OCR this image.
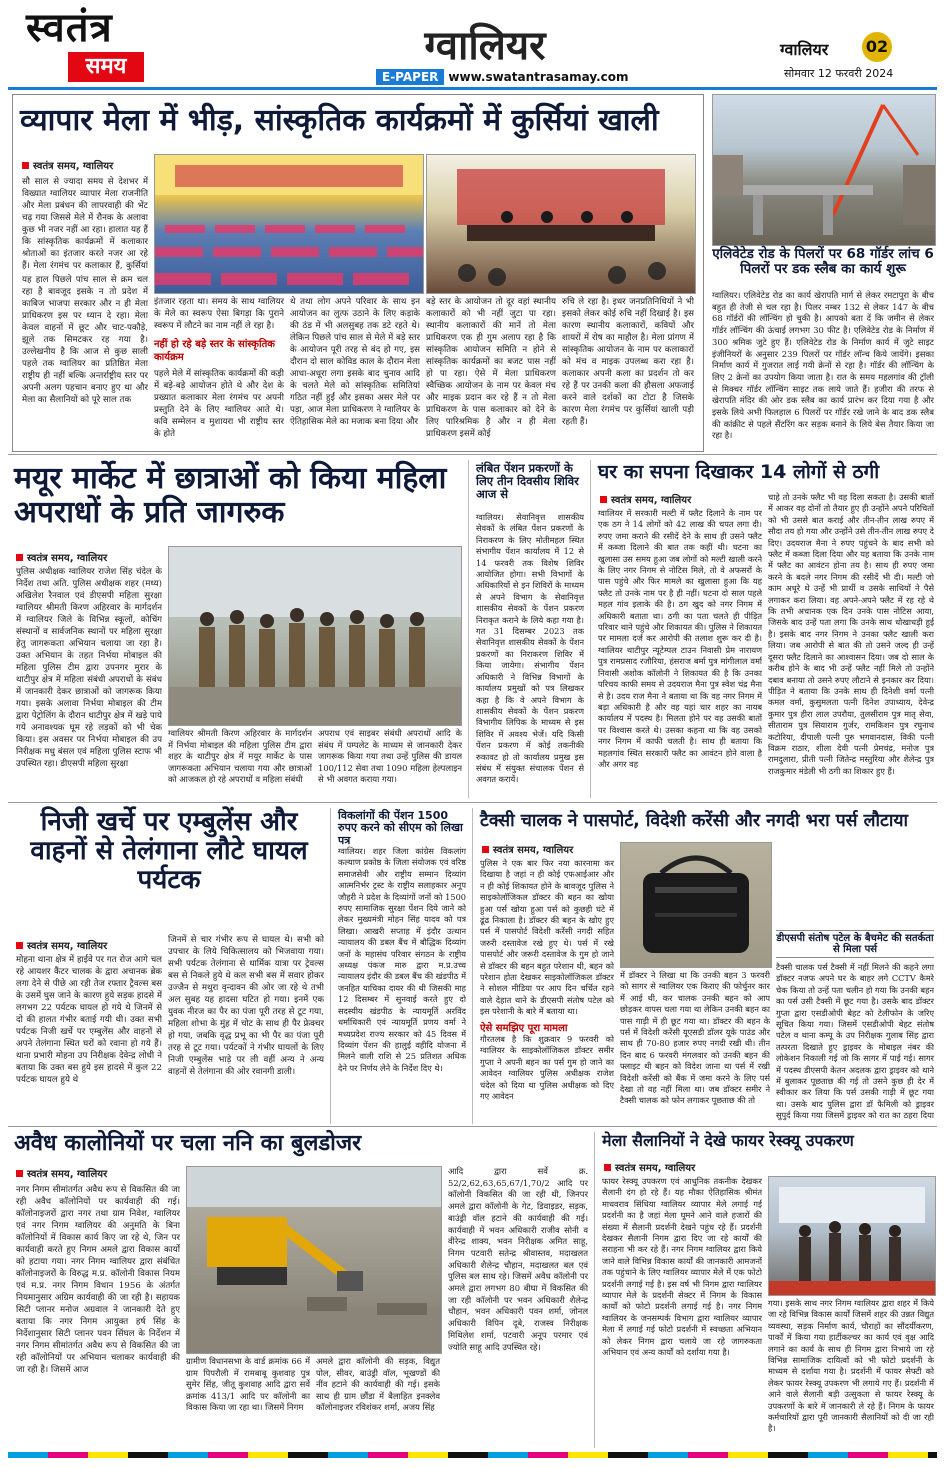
स्वतंत्र
समय	ग्वालियर
E-PAPER www.swatantrasamay.com
ग्वालियर 02
सोमवार 12 फरवरी 2024
व्यापार मेला में भीड़, सांस्कृतिक कार्यक्रमों में कुर्सियां खाली
स्वतंत्र समय, ग्वालियर
सौ साल से ज्यादा समय से देशभर में विख्यात ग्वालियर व्यापार मेला राजनीति और मेला प्रबंधन की लापरवाही की भेंट चढ़ गया जिससे मेले में रौनक के अलावा कुछ भी नजर नहीं आ रहा। हालात यह हैं कि सांस्कृतिक कार्यक्रमों में कलाकार श्रोताओं का इंतजार करते नजर आ रहे हैं। मेला रंगमंच पर कलाकार हैं, कुर्सियां
यह हाल पिछले पांच साल से क्रम चल रहा है बावजूद इसके न तो प्रदेश में काबिज भाजपा सरकार और न ही मेला प्राधिकरण इस पर ध्यान दे रहा। मेला केवल वाहनों में छूट और चाट-पकौड़े, झूले तक सिमटकर रह गया है। उल्लेखनीय है कि आज से कुछ साली पहले तक ग्वालियर का प्रतिष्ठित मेला राष्ट्रीय ही नहीं बल्कि अन्तर्राष्ट्रीय स्तर पर अपनी अलग पहचान बनाए हुए था और मेला का सैलानियों को पूरे साल तक
इंतजार रहता था। समय के साथ ग्वालियर के मेले का स्वरूप ऐसा बिगड़ा कि पुराने स्वरूप में लौटने का नाम नहीं ले रहा है।
नहीं हो रहे बड़े स्तर के सांस्कृतिक कार्यक्रम
पहले मेले में सांस्कृतिक कार्यक्रमों की कड़ी में बड़े-बड़े आयोजन होते थे और देश के प्रख्यात कलाकार मेला रंगमंच पर अपनी प्रस्तुति देने के लिए ग्वालियर आते थे। कवि सम्मेलन व मुशायरा भी राष्ट्रीय स्तर के होते
थे तथा लोग अपने परिवार के साथ इन आयोजन का लुत्फ उठाने के लिए कड़ाके की ठंड में भी अलसुबह तक डटे रहते थे। लेकिन पिछले पांच साल से मेले में बड़े स्तर के आयोजन पूरी तरह से बंद हो गए, इस दौरान दो साल कोविड काल के दौरान मेला आधा-अधूरा लगा इसके बाद चुनाव आदि के चलते मेले को सांस्कृतिक समितियां गठित नहीं हुईं और इसका असर मेले पर पड़ा, आज मेला प्राधिकरण ने ग्वालियर के ऐतिहासिक मेले का मजाक बना दिया और
बड़े स्तर के आयोजन तो दूर वहां स्थानीय कलाकारों को भी नहीं जुटा पा रहा। स्थानीय कलाकारों की मानें तो मेला प्राधिकरण एक ही गुम अलाप रहा है कि सांस्कृतिक आयोजन समिति न होने से सांस्कृतिक कार्यक्रमों का बजट पास नहीं हो पा रहा। ऐसे में मेला प्राधिकरण स्वैच्छिक आयोजन के नाम पर केवल मंच और माइक प्रदान कर रहे हैं न तो मेला प्राधिकरण के पास कलाकार को देने के लिए पारिश्रमिक है और न ही मेला प्राधिकरण इसमें कोई
रुचि ले रहा है। इधर जनप्रतिनिधियों ने भी इसको लेकर कोई रुचि नहीं दिखाई है। इस कारण स्थानीय कलाकारों, कवियों और शायरों में रोष का माहौल है। मेला प्रांगण में सांस्कृतिक आयोजन के नाम पर कलाकारों को मंच व माइक उपलब्ध करा रहा है। कलाकार अपनी कला का प्रदर्शन तो कर रहे हैं पर उनकी कला की हौसला अफजाई करने वाले दर्शकों का टोटा है जिसके कारण मेला रंगमंच पर कुर्सियां खाली पड़ी रहती हैं।
एलिवेटेड रोड के पिलरों पर 68 गॉर्डर लांच 6 पिलरों पर डक स्लैब का कार्य शुरू
ग्वालियर। एलिवेटेड रोड का कार्य खेरापति मार्ग से लेकर रमटापुरा के बीच बहुत ही तेजी से चल रहा है। पिलर नम्बर 132 से लेकर 147 के बीच 68 गॉर्डरों की लॉन्चिंग हो चुकी है। आपको बता दें कि जमीन से लेकर गॉर्डर लॉन्चिंग की ऊंचाई लगभग 30 फीट है। एलिवेटेड रोड के निर्माण में 300 श्रमिक जुटे हुए हैं। एलिवेटेड रोड के निर्माण कार्य में जुटे साइट इंजीनियरों के अनुसार 239 पिलरों पर गॉर्डर लॉन्च किये जायेंगे। इसका निर्माण कार्य में गुजरात लाई गयी क्रेनों से रहा है। गॉर्डर की लॉन्चिंग के लिए 2 क्रेनों का उपयोग किया जाता है। रात के समय महलगांव की ट्रॉली से मिक्चर गॉर्डर लॉन्चिंग साइट तक लाये जाते हैं। हजीरा की तरफ से खेरापति मंदिर की ओर डक स्लैब का कार्य प्रारंभ कर दिया गया है और इसके लिये अभी फिलहाल 6 पिलरों पर गॉर्डर रखे जाने के बाद डक स्लैब की कांक्रीट से पहले सैंटरिंग कर सड़क बनाने के लिये बेस तैयार किया जा रहा है।
मयूर मार्केट में छात्राओं को किया महिला अपराधों के प्रति जागरुक
स्वतंत्र समय, ग्वालियर
पुलिस अधीक्षक ग्वालियर राजेश सिंह चंदेल के निर्देश तथा अति. पुलिस अधीक्षक शहर (मध्य) अखिलेश रैनवाल एवं डीएसपी महिला सुरक्षा ग्वालियर श्रीमती किरण अहिरवार के मार्गदर्शन में ग्वालियर जिले के विभिन्न स्कूलों, कोचिंग संस्थानों व सार्वजनिक स्थानों पर महिला सुरक्षा हेतु जागरूकता अभियान चलाया जा रहा है। उक्त अभियान के तहत निर्भया मोबाइल की महिला पुलिस टीम द्वारा उपनगर मुरार के थाटीपुर क्षेत्र में महिला संबंधी अपराधों के संबंध में जानकारी देकर छात्राओं को जागरूक किया गया। इसके अलावा निर्भया मोबाइल की टीम द्वारा पेट्रोलिंग के दौरान थाटीपुर क्षेत्र में खड़े पाये गये अनावश्यक घूम रहे लड़कों को भी चेक किया। इस अवसर पर निर्भया मोबाइल की उप निरीक्षक मधु बंसल एवं महिला पुलिस स्टाफ भी उपस्थित रहा। डीएसपी महिला सुरक्षा
ग्वालियर श्रीमती किरण अहिरवार के मार्गदर्शन में निर्भया मोबाइल की महिला पुलिस टीम द्वारा शहर के थाटीपुर क्षेत्र में मयूर मार्केट के पास जागरूकता अभियान चलाया गया और छात्राओं को आजकल हो रहे अपराधों व महिला संबंधी
अपराध एवं साइबर संबंधी अपराधों आदि के संबंध में पम्पलेट के माध्यम से जानकारी देकर जागरूक किया गया तथा उन्हें पुलिस की डायल 100/112 सेवा तथा 1090 महिला हेल्पलाइन से भी अवगत कराया गया।
लंबित पेंशन प्रकरणों के लिए तीन दिवसीय शिविर आज से
ग्वालियर। सेवानिवृत्त शासकीय सेवकों के लंबित पेंशन प्रकरणों के निराकरण के लिए मोतीमहल स्थित संभागीय पेंशन कार्यालय में 12 से 14 फरवरी तक विशेष शिविर आयोजित होगा। सभी विभागों के अधिकारियों से इन शिविरों के माध्यम से अपने विभाग के सेवानिवृत्त शासकीय सेवकों के पेंशन प्रकरण निराकृत कराने के लिये कहा गया है। गत 31 दिसम्बर 2023 तक सेवानिवृत्त शासकीय सेवकों के पेंशन प्रकरणों का निराकरण शिविर में किया जायेगा। संभागीय पेंशन अधिकारी ने विभिन्न विभागों के कार्यालय प्रमुखों को पत्र लिखकर कहा है कि वे अपने विभाग के शासकीय सेवकों के पेंशन प्रकरण विभागीय लिपिक के माध्यम से इस शिविर में अवश्य भेजें। यदि किसी पेंशन प्रकरण में कोई तकनीकी रुकावट हो तो कार्यालय प्रमुख इस संबंध में संयुक्त संचालक पेंशन से अवगत करायें।
घर का सपना दिखाकर 14 लोगों से ठगी
स्वतंत्र समय, ग्वालियर
ग्वालियर में सरकारी मल्टी में फ्लैट दिलाने के नाम पर एक ठग ने 14 लोगों को 42 लाख की चपत लगा दी। रुपए जमा कराने की रसीदें देने के साथ ही उसने फ्लैट में कब्जा दिलाने की बात तक कहीं थी। घटना का खुलासा उस समय हुआ जब लोगों को मल्टी खाली करने के लिए नगर निगम से नोटिस मिले, तो वे अफसरों के पास पहुंचे और फिर मामले का खुलासा हुआ कि यह फ्लैट तो उनके नाम पर है ही नहीं। घटना दो साल पहले महल गांव इलाके की है। ठग खुद को नगर निगम में अधिकारी बताता था। ठगी का पता चलते ही पीड़ित परिवार थाने पहुंचे और शिकायत की। पुलिस ने शिकायत पर मामला दर्ज कर आरोपी की तलाश शुरू कर दी है। ग्वालियर थाटीपुर न्यूटेम्पल टाउन निवासी प्रेम नारायण पुत्र रामप्रसाद रजौरिया, हंसराज बर्मा पुत्र मांगीलाल वर्मा निवासी अशोक कॉलोनी ने शिकायत की है कि उनका परिचय काफी समय से उदयराज मैना पुत्र स्वेश चंद्र मैना से है। उदय राज मैना ने बताया था कि वह नगर निगम में बड़ा अधिकारी है और वह यहां चार शहर का नायब कार्यालय में पदस्थ है। मिलता होने पर वह उसकी बातों पर विश्वास करते थे। उसका कहना था कि वह उसको नगर निगम में काफी चलती है। साथ ही बताया कि महलगांव स्थित सरकारी फ्लैट का आवंटन होने वाला है और अगर वह
चाहे तो उनके फ्लैट भी वह दिला सकता है। उसकी बातों में आकर वह दोनों तो तैयार हुए ही उन्होंने अपने परिचितों को भी उससे बात कराई और तीन-तीन लाख रुपए में सौदा तय हो गया और उन्होंने उसे तीन-तीन लाख रुपए दे दिए। उदयराज मैना ने रुपए पहुंचने के बाद सभी को फ्लैट में कब्जा दिला दिया और यह बताया कि उनके नाम में फ्लैट का आवंटन होना तय है। साथ ही रुपए जमा करने के बदले नगर निगम की रसीदें भी दी। मल्टी जो काम अधूरे थे उन्हें भी प्रार्थी व उसके साथियों ने पैसे लगाकर करा लिया। वह अपने-अपने फ्लैट में रह रहे थे कि तभी अचानक एक दिन उनके पास नोटिस आया, जिसके बाद उन्हें पता लगा कि उनके साथ धोखाधड़ी हुई है। इसके बाद नगर निगम ने उनका फ्लैट खाली करा लिया। जब आरोपी से बात की तो उसने जल्द ही उन्हें दूसरा फ्लैट दिलाने का आश्वासन दिया। जब दो साल के करीब होने के बाद भी उन्हें फ्लैट नहीं मिले तो उन्होंने दबाव बनाया तो उसने रुपए लौटाने से इनकार कर दिया। पीड़ित ने बताया कि उनके साथ ही दिनेशी वर्मा पत्नी कमल वर्मा, कुसुमलता पत्नी दिनेश उपाध्याय, देवेन्द्र कुमार पुत्र हीरा लाल उपरौया, तुलसीराम पुत्र मातृ सेवा, सीताराम पुत्र सियाराम गुर्जर, रामकिशन पुत्र रघुनाथ कटोरिया, दीपाली पत्नी पुरु भगवानदास, विकी पत्नी विक्रम राठार, शीला देवी पत्नी प्रेमचंद्र, मनोज पुत्र रामदुलारा, प्रीती पत्नी जितेन्द्र मस्तुरिया और शैलेन्द्र पुत्र राजकुमार मंडेली भी ठगी का शिकार हुए हैं।
निजी खर्चे पर एम्बुलेंस और वाहनों से तेलंगाना लौटे घायल पर्यटक
स्वतंत्र समय, ग्वालियर
मोहना थाना क्षेत्र में हाईवे पर गत रोज आगे चल रहे आयशर कैंटर चालक के द्वारा अचानक ब्रेक लगा देने से पीछे आ रही तेज रफ्तार ट्रैवल्स बस के उसमें घुस जाने के कारण हुये सड़क हादसे में लगभग 22 पर्यटक घायल हो गये थे जिनमें से दो की हालत गंभीर बताई गयी थी। उक्त सभी पर्यटक निजी खर्चे पर एम्बुलेंस और वाहनों से अपने तेलंगाना स्थित घरों को रवाना हो गये हैं। थाना प्रभारी मोहना उप निरीक्षक देवेन्द्र लोधी ने बताया कि उक्त बस हुये इस हादसे में कुल 22 पर्यटक घायल हुये थे
जिनमें से चार गंभीर रूप से घायल थे। सभी को उपचार के लिये चिकित्सालय को भिजवाया गया। सभी पर्यटक तेलंगाना से धार्मिक यात्रा पर ट्रेवल्स बस से निकले हुये थे कल सभी बस में सवार होकर उज्जैन से मथुरा वृन्दावन की ओर जा रहे थे तभी अल सुबह यह हादसा घटित हो गया। इनमें एक युवक नीरज का पैर का पंजा पूरी तरह से टूट गया, महिला शोभा के मुंह में चोट के साथ ही पैर फ्रेक्चर हो गया, जबकि वृद्ध प्रभू का भी पैर का पंजा पूरी तरह से टूट गया। पर्यटकों ने गंभीर घायलों के लिए निजी एम्बुलेंस भाड़े पर ली वहीं अन्य ने अन्य वाहनों से तेलंगाना की ओर रवानगी डाली।
विकलांगों की पेंशन 1500 रुपए करने को सीएम को लिखा पत्र
ग्वालियर। शहर जिला कांग्रेस विकलांग कल्याण प्रकोष्ठ के जिला संयोजक एवं वरिष्ठ समाजसेवी और राष्ट्रीय सम्मान दिव्यांग आत्मनिर्भर ट्रस्ट के राष्ट्रीय सलाहकार अनूप जौहरी ने प्रदेश के दिव्यांगों जनों को 1500 रुपए सामाजिक सुरक्षा पेंशन दिये जाने को लेकर मुख्यमंत्री मोहन सिंह यादव को पत्र लिखा। आखरी सप्ताह में इंदौर उत्थान न्यायालय की डबल बैंच में बौद्धिक दिव्यांग जनों के महासंघ परिवार संगठन के राष्ट्रीय अध्यक्ष पंकज मारु द्वारा म.प्र.उच्च न्यायालय इंदौर की डबल बैंच की खंडपीठ में जनहित याचिका दायर की थी जिसकी माह 12 दिसम्बर में सुनवाई करते हुए दो सदस्यीय खंडपीठ के न्यायमूर्ति अरविंद धर्माधिकारी एवं न्यायमूर्ति प्रणय वर्मा ने मध्यप्रदेश राज्य सरकार को 45 दिवस में दिव्यांग पेंशन की हालुई वहीदि योजना में मिलने वाली राशि से 25 प्रतिशत अधिक देने पर निर्णय लेने के निर्देश दिए थे।
टैक्सी चालक ने पासपोर्ट, विदेशी करेंसी और नगदी भरा पर्स लौटाया
स्वतंत्र समय, ग्वालियर
पुलिस ने एक बार फिर नया कारनामा कर दिखाया है जहां न ही कोई एफआईआर और न ही कोई शिकायत होने के बावजूद पुलिस ने साइकोलॉजिकल डॉक्टर की बहन का खोया हुआ पर्स खोया हुआ पर्स को कुछही घंटे में ढूंढ निकाला है। डॉक्टर की बहन के खोए हुए पर्स में पासपोर्ट विदेशी करेंसी नगदी सहित जरुरी दस्तावेज रखे हुए थे। पर्स में रखे पासपोर्ट और जरूरी दस्तावेज के गुम हो जाने से डॉक्टर की बहन बहुत परेशान थी, बहन को परेशान होता देखकर साइकोलॉजिकल डॉक्टर ने सोशल मीडिया पर आप दिन चर्चित रहने वाले देहात थाने के डीएसपी संतोष पटेल को इस परेशानी के बारे में बताया था।
ऐसे समझिए पूरा मामला
गौरतलब है कि शुक्रवार 9 फरवरी को ग्वालियर के साइकोलॉजिकल डॉक्टर समीर गुप्ता ने अपनी बहन का पर्स गुम हो जाने का आवेदन ग्वालियर पुलिस अधीक्षक राजेश चंदेल को दिया था पुलिस अधीक्षक को दिए गए आवेदन
में डॉक्टर ने लिखा था कि उनकी बहन 3 फरवरी को सागर से ग्वालियर एक किराए की फोर्चुनर कार में आई थी, कर चालक उनकी बहन को आप छोड़कर वापस चला गया था लेकिन उनकी बहन का पास गाड़ी में ही छूट गया था। डॉक्टर की बहन के पर्स में विदेशी करेंसी यूएसडी डॉलर यूके पाउंड और साथ ही 70-80 हजार रुपए नगदी रखी थी। तीन दिन बाद 6 फरवरी मंगलवार को उनकी बहन की फ्लाइट थी बहन को विदेश जाना था पर्स में रखी विदेशी करेंसी को बैंक में जमा करने के लिए पर्स देखा तो वह नहीं मिला था। जब डॉक्टर समीर ने टैक्सी चालक को फोन लगाकर पूछताछ की तो
डीएसपी संतोष पटेल के बैचमेट की सतर्कता से मिला पर्स
टैक्सी चालक पर्स टैक्सी में नहीं मिलने की कहने लगा डॉक्टर नजफ अपने घर के बाहर लगे CCTV कैमरे चेक किया तो उन्हें पता चलीन हो गया कि उनकी बहन का पर्स उसी टैक्सी में छूट गया है। उसके बाद डॉक्टर गुप्ता द्वारा एसडीओपी बेहट को टेलीफोन के जरिए सूचित किया गया। जिसमें एसडीओपी बेहट संतोष पटेल व थाना कम्पू के उप निरीक्षक गुलाब सिंह द्वारा तत्परता दिखाते हुए ड्राइवर के मोबाइल नंबर की लोकेशन निकाली गई जो कि सागर में पाई गई। सागर में पदस्थ डीएसपी केतन अदलक द्वारा ड्राइवर को थाने में बुलाकर पूछताछ की गई तो उसने कुछ ही देर में स्वीकार कर लिया कि पर्स उसकी गाड़ी में छूट गया था। उसके बाद पुलिस द्वारा डॉ फैमिली को ड्राइवर सुपुर्द किया गया जिसमें ड्राइवर को रात का ठहरा दिया
अवैध कालोनियों पर चला ननि का बुलडोजर
स्वतंत्र समय, ग्वालियर
नगर निगम सीमांतर्गत अवैध रूप से विकसित की जा रही अवैध कॉलोनियों पर कार्यवाही की गई। कॉलोनाइजरों द्वारा नगर तथा ग्राम निवेश, ग्वालियर एवं नगर निगम ग्वालियर की अनुमति के बिना कॉलोनियों में विकास कार्य किए जा रहे थे, जिन पर कार्यवाही करते हुए निगम अमले द्वारा विकास कार्यों को हटाया गया। नगर निगम ग्वालियर द्वारा संबंधित कॉलोनाइजरों के विरुद्ध म.प्र. कॉलोनी विकास नियम एवं म.प्र. नगर निगम विधान 1956 के अंतर्गत नियमानुसार अग्रिम कार्यवाही की जा रही है। सहायक सिटी प्लानर मनोज अग्रवाल ने जानकारी देते हुए बताया कि नगर निगम आयुक्त हर्ष सिंह के निर्देशानुसार सिटी प्लानर पवन सिंघल के निर्देशन में नगर निगम सीमांतर्गत अवैध रूप से विकसित की जा रही कॉलोनियों पर अभियान चलाकर कार्यवाही की जा रही है। जिसमें आज
ग्रामीण विधानसभा के वार्ड क्रमांक 66 में ग्राम पिपरौली में रामबाबू कुशवाह पुत्र सुमेर सिंह, जीतू कुशवाह आदि द्वारा सर्वे क्रमांक 413/1 आदि पर कॉलोनी का विकास किया जा रहा था। जिसमें निगम
अमले द्वारा कॉलोनी की सड़क, विद्युत पोल, सीवर, बाउंड्री वॉल, भूखण्डों की नींव हटाने की कार्यवाही की गई। इसके साथ ही ग्राम छौंडा में बैलाहित इनक्लेव कॉलोनाइजर रविशंकर शर्मा, अजय सिंह
आदि द्वारा सर्वे क्र. 52/2,62,63,65,67/1,70/2 आदि पर कॉलोनी विकसित की जा रही थी, जिनपर अमले द्वारा कॉलोनी के गेट, डिवाइडर, सड़क, बाउंड्री वॉल हटाने की कार्यवाही की गई। कार्यवाही में भवन अधिकारी राजीव सोनी व वीरेन्द्र शाक्य, भवन निरीक्षक अमित साहू, निगम पटवारी सतेन्द्र श्रीवास्तव, मदाखलत अधिकारी शैलेन्द्र चौहान, मदाखलत बल एवं पुलिस बल साथ रहे। जिसमें अवैध कॉलोनी पर अमले द्वारा लगभग 80 बीघा में विकसित की जा रही कॉलोनी पर भवन अधिकारी शैलेन्द्र चौहान, भवन अधिकारी पवन शर्मा, जोनल अधिकारी विपिन दूबे, राजस्व निरीक्षक मिथिलेश शर्मा, पटवारी अनूप परमार एवं ज्योति साहू आदि उपस्थित रहे।
मेला सैलानियों ने देखे फायर रेस्क्यू उपकरण
स्वतंत्र समय, ग्वालियर
फायर रेस्क्यू उपकरण एवं आधुनिक तकनीक देखकर सैलानी दंग हो रहे हैं। यह मौका ऐतिहासिक श्रीमंत माधवराव सिंधिया ग्वालियर व्यापार मेले लगाई गई प्रदर्शनी का है जहां मेला घूमने आने वाले हजारों की संख्या में सैलानी प्रदर्शनी देखने पहुंच रहे हैं। प्रदर्शनी देखकर सैलानी निगम द्वारा दिए जा रहे कार्यों की सराहना भी कर रहे हैं। नगर निगम ग्वालियर द्वारा किये जाने वाले विभिन्न विकास कार्यों की जानकारी आमजनों तक पहुंचाने के लिए ग्वालियर व्यापार मेले में एक फोटो प्रदर्शनी लगाई गई है। इस वर्ष भी निगम द्वारा ग्वालियर व्यापार मेले के प्रदर्शनी सेक्टर में निगम के विकास कार्यों को फोटो प्रदर्शनी लगाई गई है। नगर निगम ग्वालियर के जनसम्पर्क विभाग द्वारा ग्वालियर व्यापार मेला में लगाई गई फोटो प्रदर्शनी में स्वच्छता अभियान को लेकर निगम द्वारा चलाये जा रहे जागरुकता अभियान एवं अन्य कार्यों को दर्शाया गया है।
गया। इसके साथ नगर निगम ग्वालियर द्वारा शहर में किये जा रहे विभिन्न विकास कार्यों जिसमें शहर की उन्नत विद्युत व्यवस्था, सड़क निर्माण कार्य, चौराहों का सौंदर्यीकरण, पार्कों में किया गया हार्टीकल्चर का कार्य एवं वृक्ष आदि लगाने का कार्य के साथ ही निगम द्वारा निभाये जा रहे विभिन्न सामाजिक दायित्वों को भी फोटो प्रदर्शनी के माध्यम से दर्शाया गया है। प्रदर्शनी में फायर सेफ्टी को लेकर फायर रेस्क्यू उपकरण भी लगाये गए हैं। प्रदर्शनी में आने वाले सैलानी बड़ी उत्सुकता से फायर रेस्क्यू के उपकरणों के बारे में जानकारी ले रहे हैं। निगम के फायर कर्मचारियों द्वारा पूरी जानकारी सैलानियों को दी जा रही है।
